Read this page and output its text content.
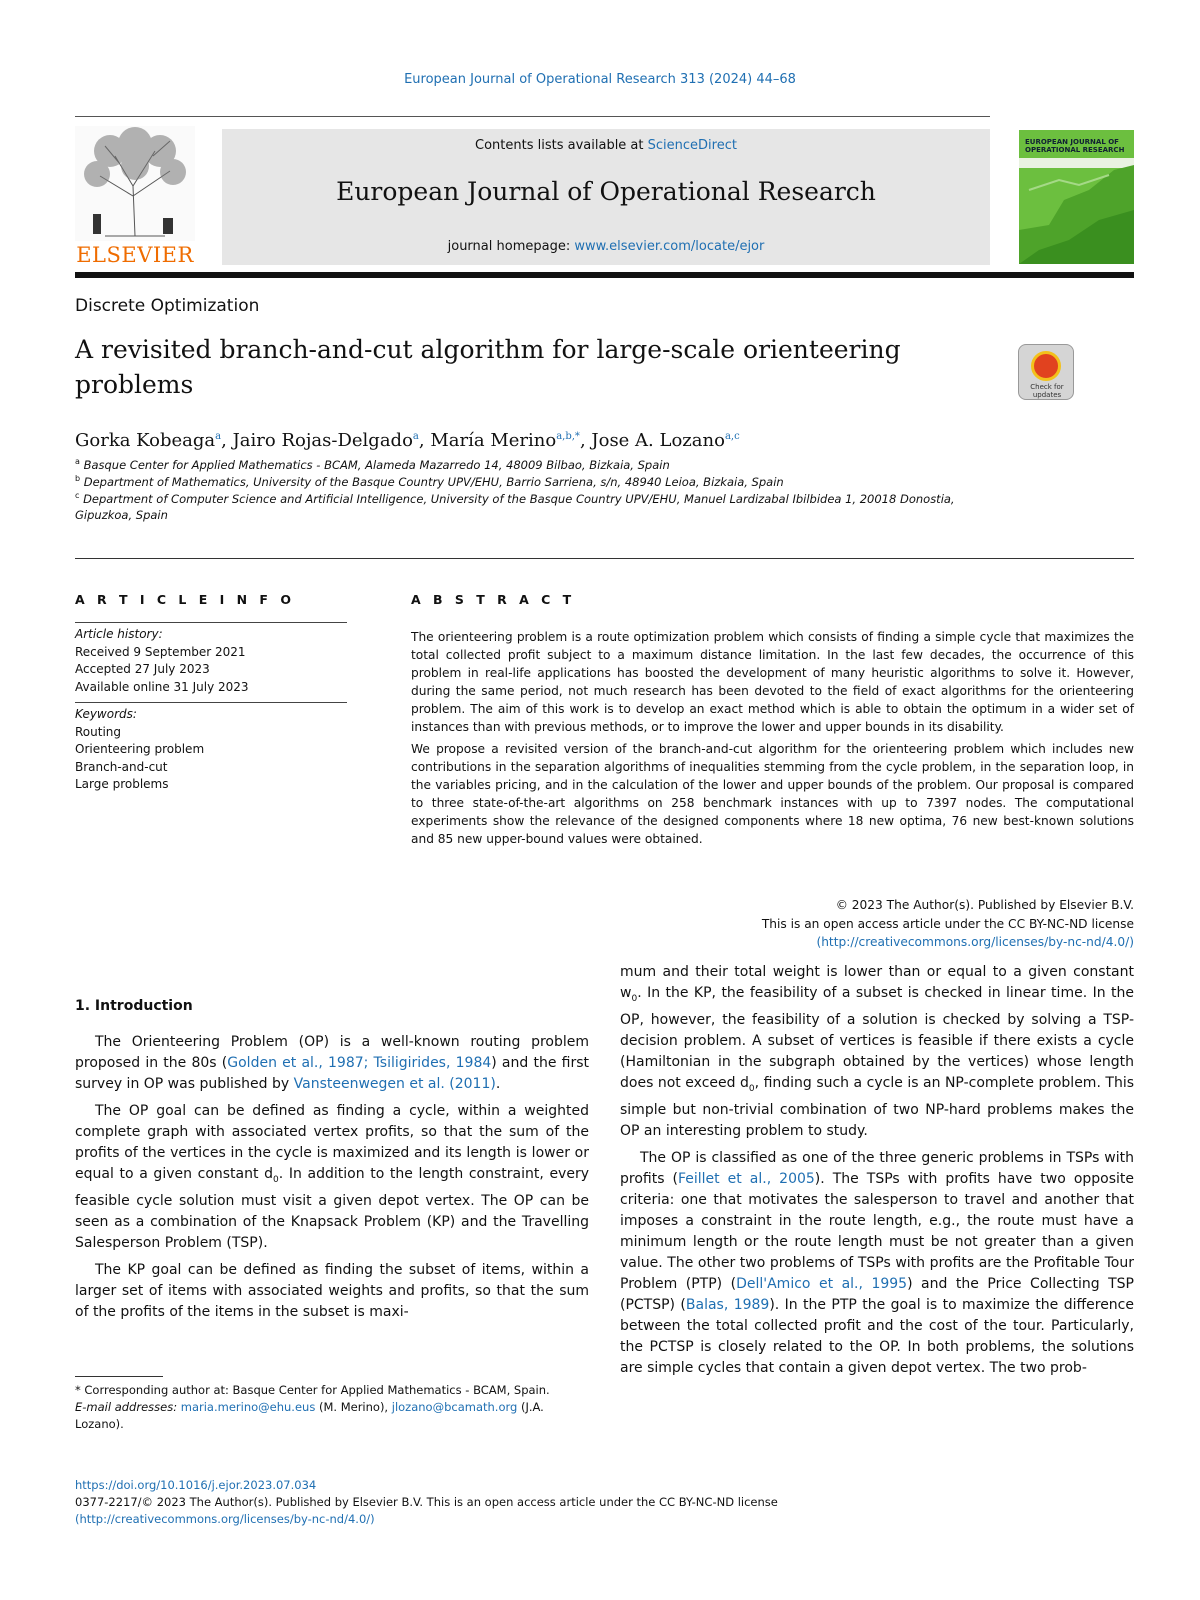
European Journal of Operational Research 313 (2024) 44–68
ELSEVIER
Contents lists available at ScienceDirect
European Journal of Operational Research
journal homepage: www.elsevier.com/locate/ejor
EUROPEAN JOURNAL OF OPERATIONAL RESEARCH
Discrete Optimization
A revisited branch-and-cut algorithm for large-scale orienteering problems	Check for updates
Gorka Kobeaga$^a$, Jairo Rojas-Delgado$^a$, María Merino$^{a,b,*}$, Jose A. Lozano$^{a,c}$
$^a$ Basque Center for Applied Mathematics - BCAM, Alameda Mazarredo 14, 48009 Bilbao, Bizkaia, Spain
$^b$ Department of Mathematics, University of the Basque Country UPV/EHU, Barrio Sarriena, s/n, 48940 Leioa, Bizkaia, Spain
$^c$ Department of Computer Science and Artificial Intelligence, University of the Basque Country UPV/EHU, Manuel Lardizabal Ibilbidea 1, 20018 Donostia, Gipuzkoa, Spain
A R T I C L E I N F O
Article history:
Received 9 September 2021
Accepted 27 July 2023
Available online 31 July 2023
Keywords:
Routing
Orienteering problem
Branch-and-cut
Large problems
A B S T R A C T

The orienteering problem is a route optimization problem which consists of finding a simple cycle that maximizes the total collected profit subject to a maximum distance limitation. In the last few decades, the occurrence of this problem in real-life applications has boosted the development of many heuristic algorithms to solve it. However, during the same period, not much research has been devoted to the field of exact algorithms for the orienteering problem. The aim of this work is to develop an exact method which is able to obtain the optimum in a wider set of instances than with previous methods, or to improve the lower and upper bounds in its disability.

We propose a revisited version of the branch-and-cut algorithm for the orienteering problem which includes new contributions in the separation algorithms of inequalities stemming from the cycle problem, in the separation loop, in the variables pricing, and in the calculation of the lower and upper bounds of the problem. Our proposal is compared to three state-of-the-art algorithms on 258 benchmark instances with up to 7397 nodes. The computational experiments show the relevance of the designed components where 18 new optima, 76 new best-known solutions and 85 new upper-bound values were obtained.

© 2023 The Author(s). Published by Elsevier B.V.
This is an open access article under the CC BY-NC-ND license
(http://creativecommons.org/licenses/by-nc-nd/4.0/)
1. Introduction

The Orienteering Problem (OP) is a well-known routing problem proposed in the 80s (Golden et al., 1987; Tsiligirides, 1984) and the first survey in OP was published by Vansteenwegen et al. (2011).

The OP goal can be defined as finding a cycle, within a weighted complete graph with associated vertex profits, so that the sum of the profits of the vertices in the cycle is maximized and its length is lower or equal to a given constant $d_0$. In addition to the length constraint, every feasible cycle solution must visit a given depot vertex. The OP can be seen as a combination of the Knapsack Problem (KP) and the Travelling Salesperson Problem (TSP).

The KP goal can be defined as finding the subset of items, within a larger set of items with associated weights and profits, so that the sum of the profits of the items in the subset is maxi-

mum and their total weight is lower than or equal to a given constant $w_0$. In the KP, the feasibility of a subset is checked in linear time. In the OP, however, the feasibility of a solution is checked by solving a TSP-decision problem. A subset of vertices is feasible if there exists a cycle (Hamiltonian in the subgraph obtained by the vertices) whose length does not exceed $d_0$, finding such a cycle is an NP-complete problem. This simple but non-trivial combination of two NP-hard problems makes the OP an interesting problem to study.

The OP is classified as one of the three generic problems in TSPs with profits (Feillet et al., 2005). The TSPs with profits have two opposite criteria: one that motivates the salesperson to travel and another that imposes a constraint in the route length, e.g., the route must have a minimum length or the route length must be not greater than a given value. The other two problems of TSPs with profits are the Profitable Tour Problem (PTP) (Dell'Amico et al., 1995) and the Price Collecting TSP (PCTSP) (Balas, 1989). In the PTP the goal is to maximize the difference between the total collected profit and the cost of the tour. Particularly, the PCTSP is closely related to the OP. In both problems, the solutions are simple cycles that contain a given depot vertex. The two prob-

* Corresponding author at: Basque Center for Applied Mathematics - BCAM, Spain.
E-mail addresses: maria.merino@ehu.eus (M. Merino), jlozano@bcamath.org (J.A. Lozano).
https://doi.org/10.1016/j.ejor.2023.07.034
0377-2217/© 2023 The Author(s). Published by Elsevier B.V. This is an open access article under the CC BY-NC-ND license
(http://creativecommons.org/licenses/by-nc-nd/4.0/)
